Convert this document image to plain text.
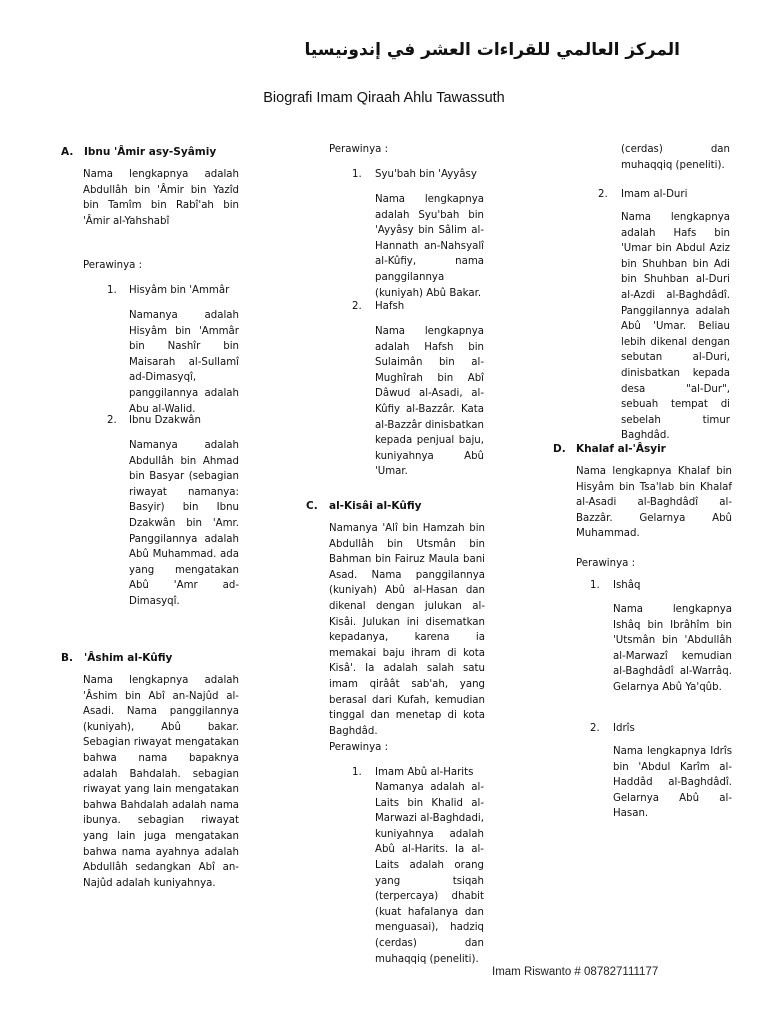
المركز العالمي للقراءات العشر في إندونيسيا
Biografi Imam Qiraah Ahlu Tawassuth
A. Ibnu 'Âmir asy-Syâmiy
Nama lengkapnya adalah Abdullâh bin 'Âmir bin Yazîd bin Tamîm bin Rabî'ah bin 'Âmir al-Yahshabî
Perawinya :
1. Hisyâm bin 'Ammâr
Namanya adalah Hisyâm bin 'Ammâr bin Nashîr bin Maisarah al-Sullamî ad-Dimasyqî, panggilannya adalah Abu al-Walid.
2. Ibnu Dzakwân
Namanya adalah Abdullâh bin Ahmad bin Basyar (sebagian riwayat namanya: Basyir) bin Ibnu Dzakwân bin 'Amr. Panggilannya adalah Abû Muhammad. ada yang mengatakan Abû 'Amr ad-Dimasyqî.
B. 'Âshim al-Kûfiy
Nama lengkapnya adalah 'Âshim bin Abî an-Najûd al-Asadi. Nama panggilannya (kuniyah), Abû bakar. Sebagian riwayat mengatakan bahwa nama bapaknya adalah Bahdalah. sebagian riwayat yang lain mengatakan bahwa Bahdalah adalah nama ibunya. sebagian riwayat yang lain juga mengatakan bahwa nama ayahnya adalah Abdullâh sedangkan Abî an-Najûd adalah kuniyahnya.
Perawinya :
1. Syu'bah bin 'Ayyâsy
Nama lengkapnya adalah Syu'bah bin 'Ayyâsy bin Sâlim al-Hannath an-Nahsyalî al-Kûfiy, nama panggilannya (kuniyah) Abû Bakar.
2. Hafsh
Nama lengkapnya adalah Hafsh bin Sulaimân bin al-Mughîrah bin Abî Dâwud al-Asadi, al-Kûfiy al-Bazzâr. Kata al-Bazzâr dinisbatkan kepada penjual baju, kuniyahnya Abû 'Umar.
C. al-Kisâi al-Kûfiy
Namanya 'Alî bin Hamzah bin Abdullâh bin Utsmân bin Bahman bin Fairuz Maula bani Asad. Nama panggilannya (kuniyah) Abû al-Hasan dan dikenal dengan julukan al-Kisâi. Julukan ini disematkan kepadanya, karena ia memakai baju ihram di kota Kisâ'. Ia adalah salah satu imam qirâât sab'ah, yang berasal dari Kufah, kemudian tinggal dan menetap di kota Baghdâd.
Perawinya :
1. Imam Abû al-Harits
Namanya adalah al-Laits bin Khalid al-Marwazi al-Baghdadi, kuniyahnya adalah Abû al-Harits. Ia al-Laits adalah orang yang tsiqah (terpercaya) dhabit (kuat hafalanya dan menguasai), hadziq (cerdas) dan muhaqqiq (peneliti).
(cerdas) dan muhaqqiq (peneliti).
2. Imam al-Duri
Nama lengkapnya adalah Hafs bin 'Umar bin Abdul Aziz bin Shuhban bin Adi bin Shuhban al-Duri al-Azdi al-Baghdâdî. Panggilannya adalah Abû 'Umar. Beliau lebih dikenal dengan sebutan al-Duri, dinisbatkan kepada desa "al-Dur", sebuah tempat di sebelah timur Baghdâd.
D. Khalaf al-'Âsyir
Nama lengkapnya Khalaf bin Hisyâm bin Tsa'lab bin Khalaf al-Asadi al-Baghdâdî al-Bazzâr. Gelarnya Abû Muhammad.
Perawinya :
1. Ishâq
Nama lengkapnya Ishâq bin Ibrâhîm bin 'Utsmân bin 'Abdullâh al-Marwazî kemudian al-Baghdâdî al-Warrâq. Gelarnya Abû Ya'qûb.
2. Idrîs
Nama lengkapnya Idrîs bin 'Abdul Karîm al-Haddâd al-Baghdâdî. Gelarnya Abû al-Hasan.
Imam Riswanto # 087827111177
